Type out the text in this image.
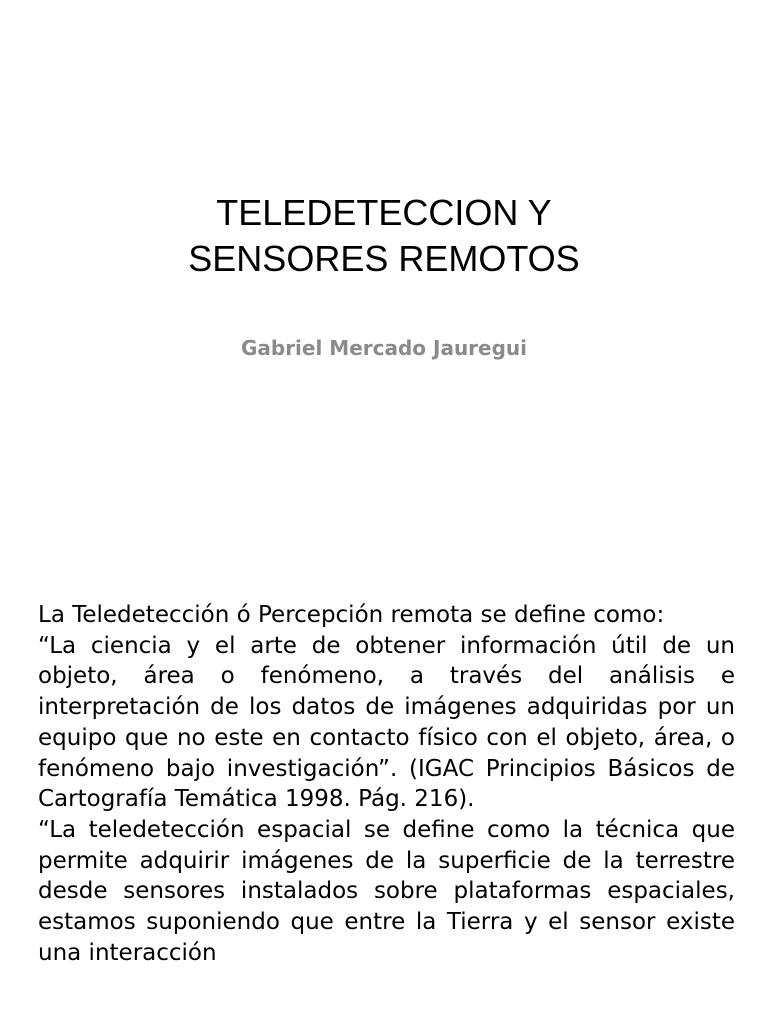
TELEDETECCION Y
SENSORES REMOTOS
Gabriel Mercado Jauregui

La Teledetección ó Percepción remota se define como:

“La ciencia y el arte de obtener información útil de un objeto, área o fenómeno, a través del análisis e interpretación de los datos de imágenes adquiridas por un equipo que no este en contacto físico con el objeto, área, o fenómeno bajo investigación”. (IGAC Principios Básicos de Cartografía Temática 1998. Pág. 216).

“La teledetección espacial se define como la técnica que permite adquirir imágenes de la superficie de la terrestre desde sensores instalados sobre plataformas espaciales, estamos suponiendo que entre la Tierra y el sensor existe una interacción
